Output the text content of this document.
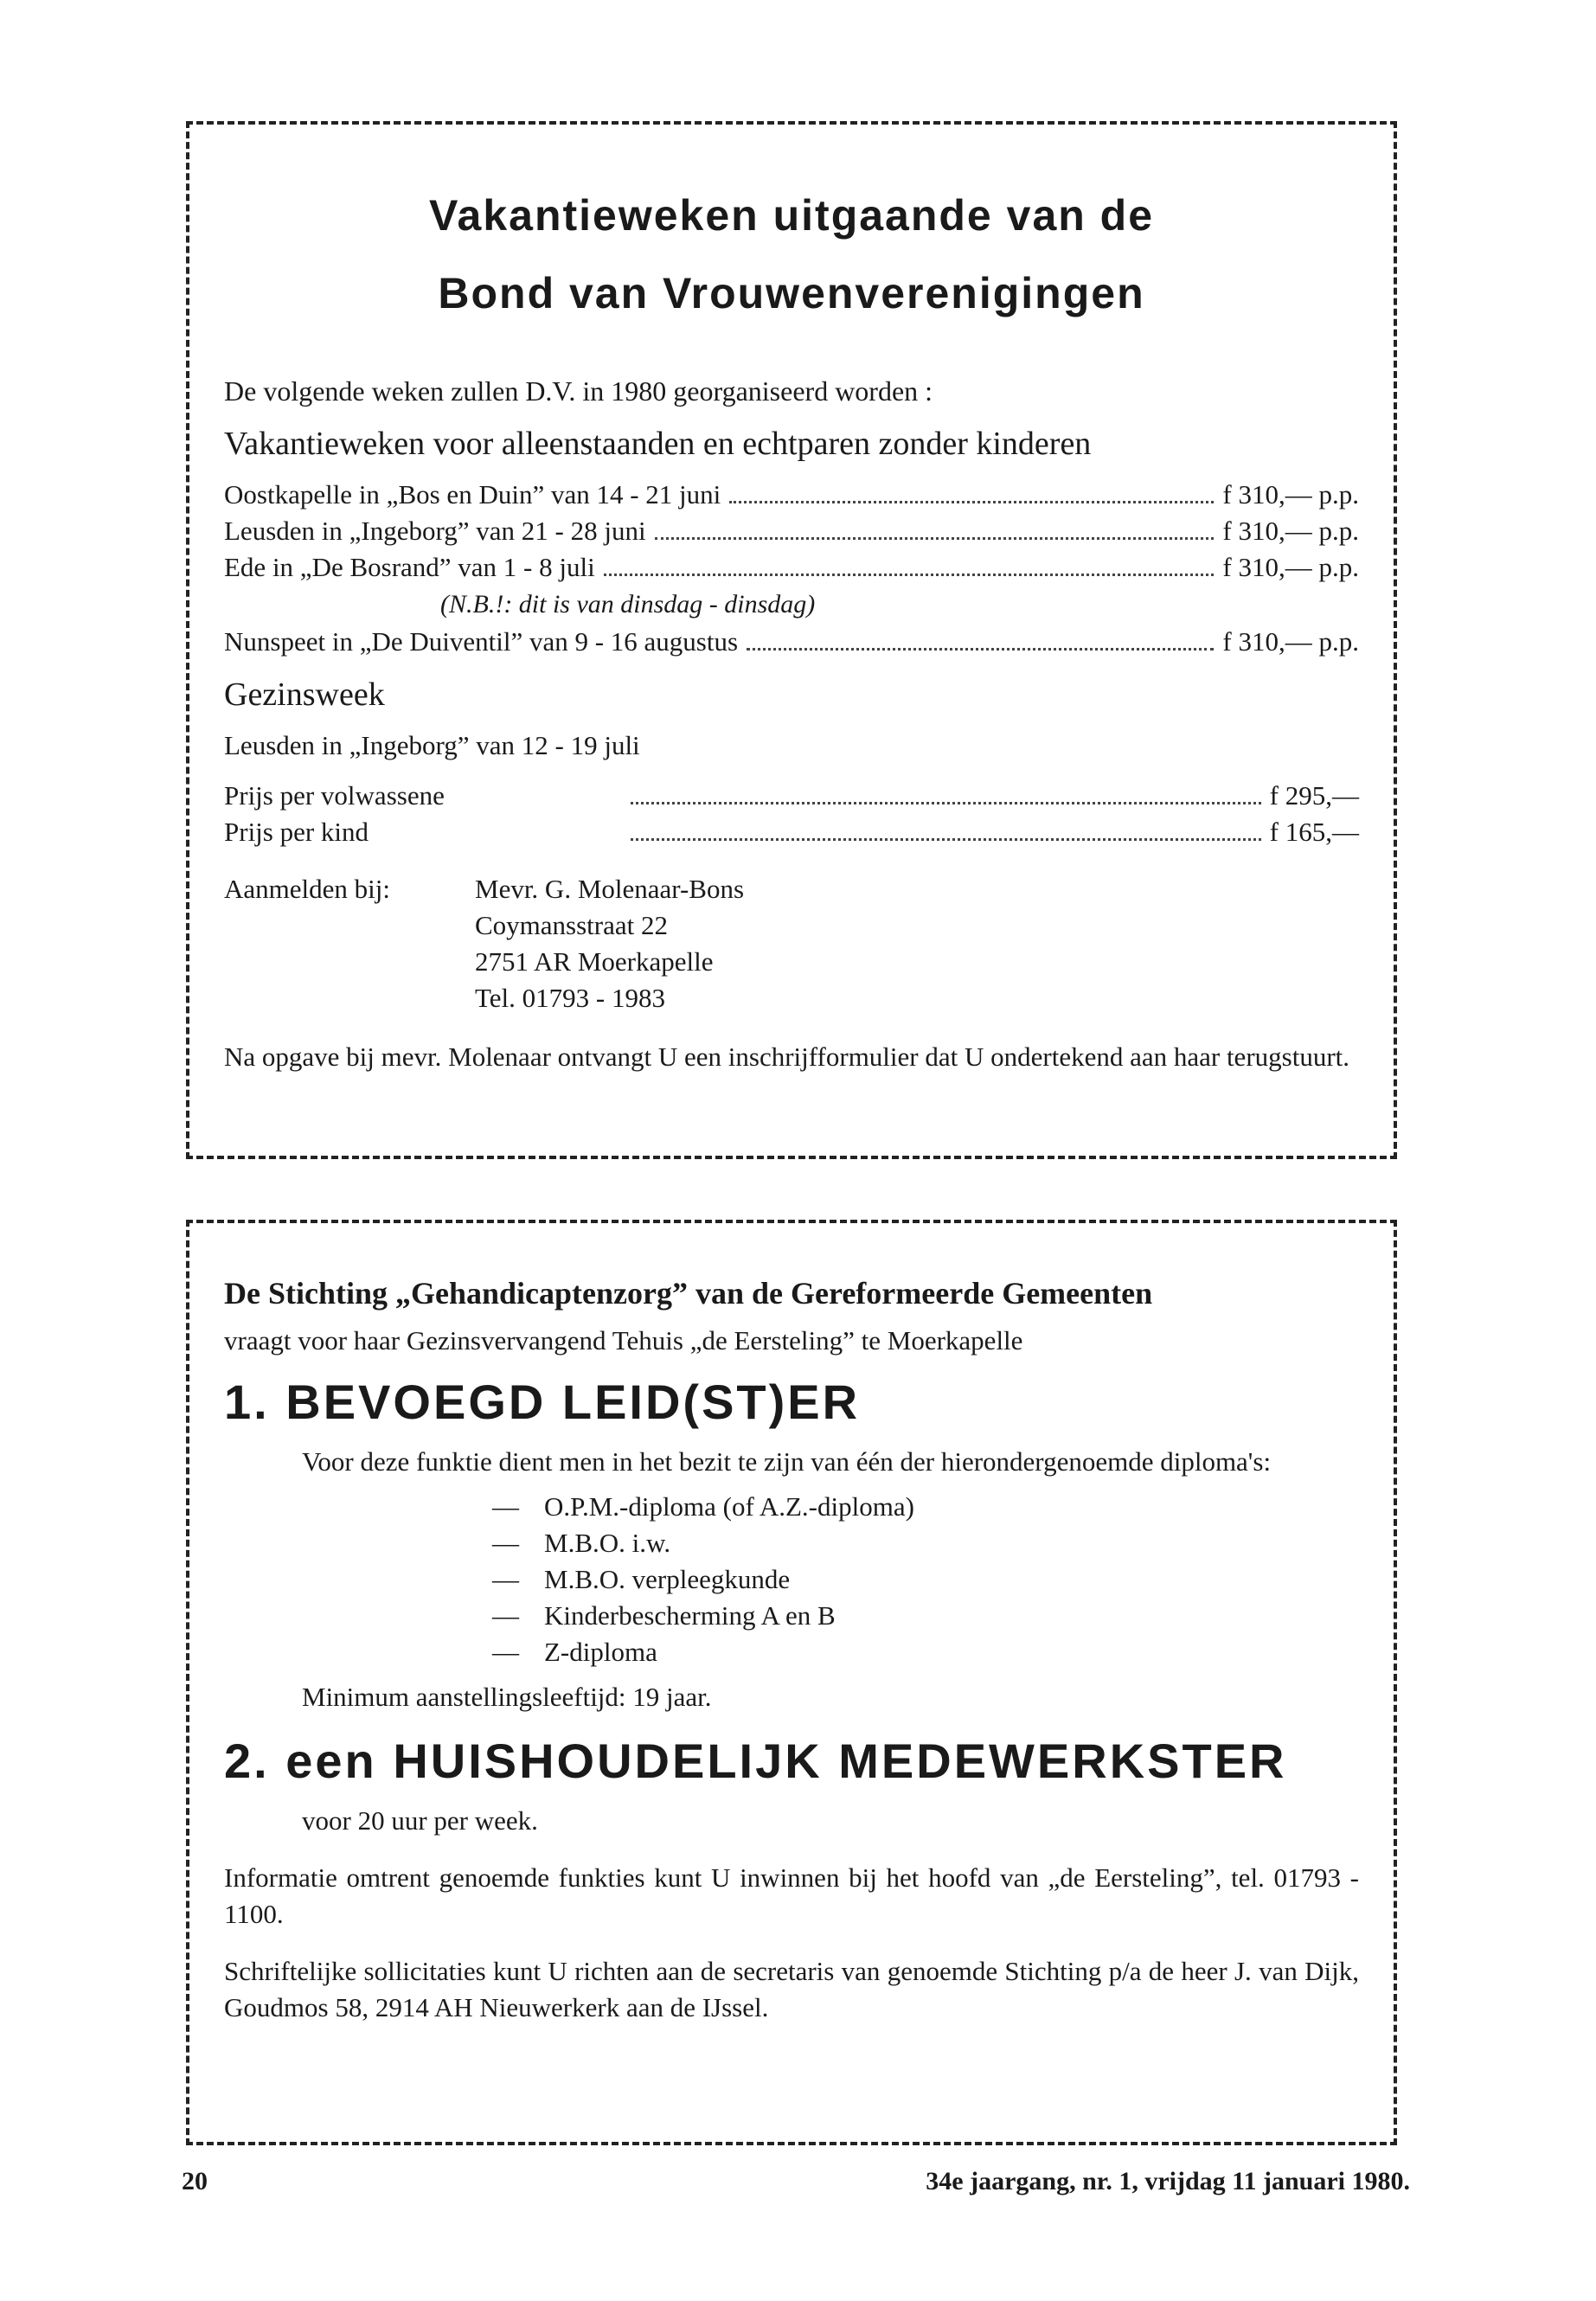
Vakantieweken uitgaande van de
Bond van Vrouwenverenigingen
De volgende weken zullen D.V. in 1980 georganiseerd worden :
Vakantieweken voor alleenstaanden en echtparen zonder kinderen
Oostkapelle in „Bos en Duin” van 14 - 21 juni	f 310,— p.p.
Leusden in „Ingeborg” van 21 - 28 juni	f 310,— p.p.
Ede in „De Bosrand” van 1 - 8 juli	f 310,— p.p.
(N.B.!: dit is van dinsdag - dinsdag)
Nunspeet in „De Duiventil” van 9 - 16 augustus	f 310,— p.p.
Gezinsweek
Leusden in „Ingeborg” van 12 - 19 juli
Prijs per volwassene	f 295,—
Prijs per kind	f 165,—
Aanmelden bij:	Mevr. G. Molenaar-Bons
Coymansstraat 22
2751 AR Moerkapelle
Tel. 01793 - 1983
Na opgave bij mevr. Molenaar ontvangt U een inschrijfformulier dat U ondertekend aan haar terugstuurt.
De Stichting „Gehandicaptenzorg” van de Gereformeerde Gemeenten
vraagt voor haar Gezinsvervangend Tehuis „de Eersteling” te Moerkapelle
1. BEVOEGD LEID(ST)ER
Voor deze funktie dient men in het bezit te zijn van één der hierondergenoemde diploma's:
— O.P.M.-diploma (of A.Z.-diploma)
— M.B.O. i.w.
— M.B.O. verpleegkunde
— Kinderbescherming A en B
— Z-diploma
Minimum aanstellingsleeftijd: 19 jaar.
2. een HUISHOUDELIJK MEDEWERKSTER
voor 20 uur per week.
Informatie omtrent genoemde funkties kunt U inwinnen bij het hoofd van „de Eersteling”, tel. 01793 - 1100.
Schriftelijke sollicitaties kunt U richten aan de secretaris van genoemde Stichting p/a de heer J. van Dijk, Goudmos 58, 2914 AH Nieuwerkerk aan de IJssel.
20	34e jaargang, nr. 1, vrijdag 11 januari 1980.
